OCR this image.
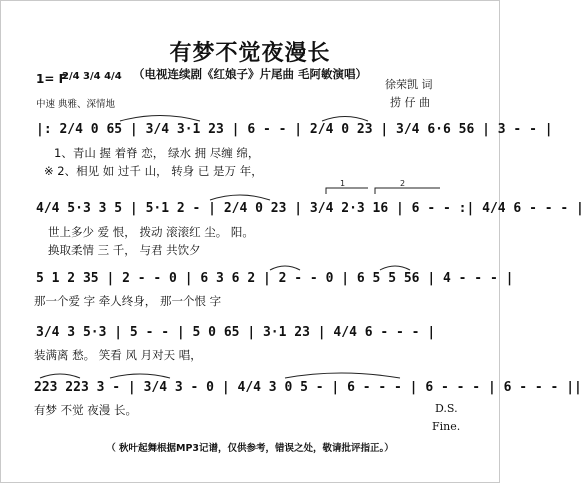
有梦不觉夜漫长
（电视连续剧《红娘子》片尾曲 毛阿敏演唱）
1= F
2/4 3/4 4/4
中速 典雅、深情地
徐荣凯 词
捞 仔 曲
|: 2/4 0 65 | 3/4 3·1 23 | 6 - - | 2/4 0 23 | 3/4 6·6 56 | 3 - - |
1、青山 握 着脊 恋， 绿水 拥 尽缠 绵，
※ 2、相见 如 过千 山， 转身 已 是万 年，
4/4 5·3 3 5 | 5·1 2 - | 2/4 0 23 | 3/4 2·3 16 | 6 - - :| 4/4 6 - - - |
世上多少 爱 恨， 拨动 滚滚红 尘。 阳。
换取柔情 三 千， 与君 共饮夕
5 1 2 35 | 2 - - 0 | 6 3 6 2 | 2 - - 0 | 6 5 5 56 | 4 - - - |
那一个爱 字 牵人终身， 那一个恨 字
3/4 3 5·3 | 5 - - | 5 0 65 | 3·1 23 | 4/4 6 - - - |
装满离 愁。 笑看 风 月对天 唱，
223 223 3 - | 3/4 3 - 0 | 4/4 3 0 5 - | 6 - - - | 6 - - - | 6 - - - ||
有梦 不觉 夜漫 长。	D.S.
Fine.
（ 秋叶起舞根据MP3记谱，仅供参考，错误之处，敬请批评指正。）
1	2
